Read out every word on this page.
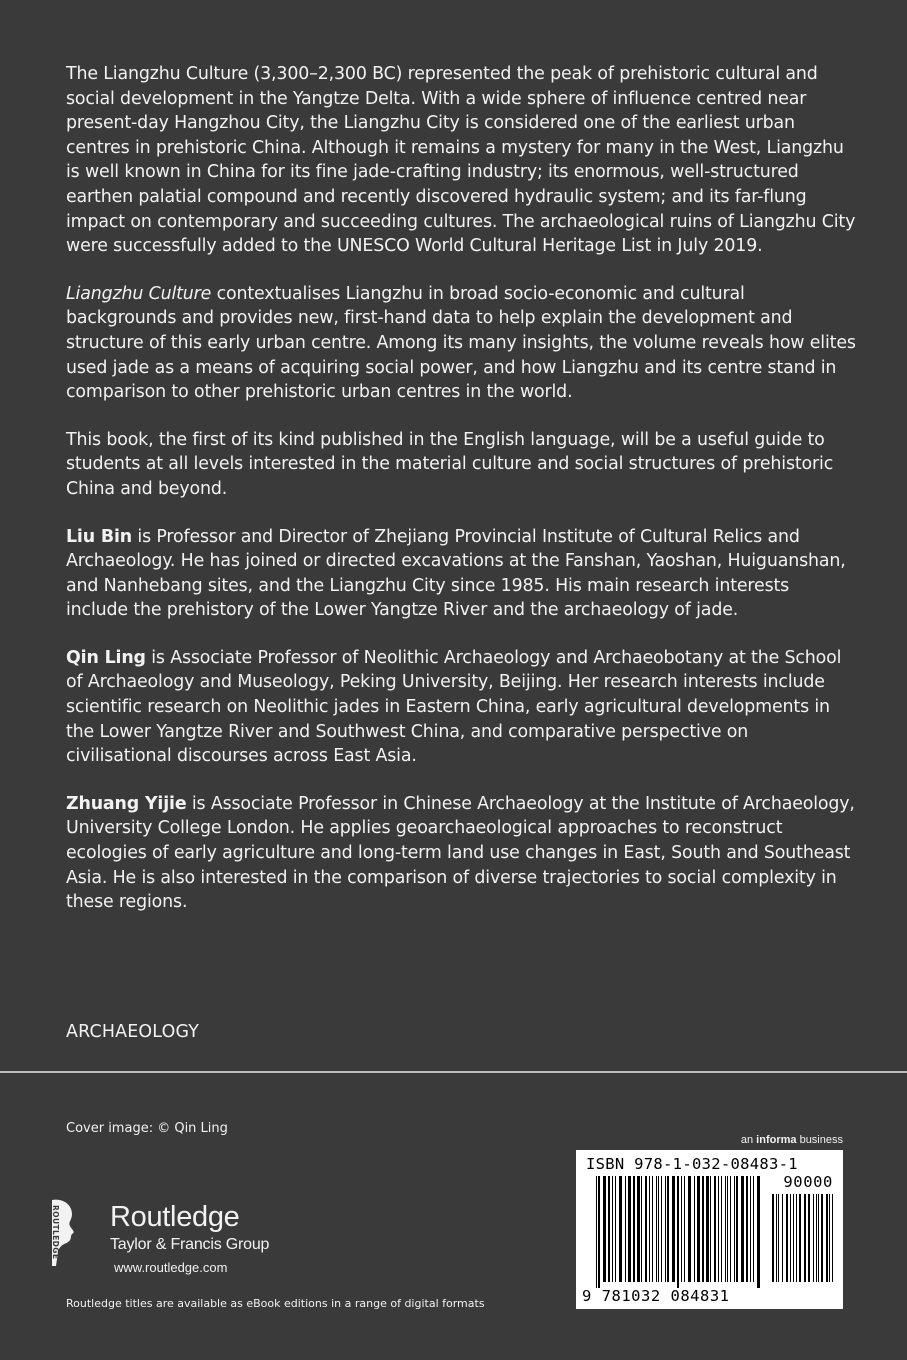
The Liangzhu Culture (3,300–2,300 BC) represented the peak of prehistoric cultural and social development in the Yangtze Delta. With a wide sphere of influence centred near present-day Hangzhou City, the Liangzhu City is considered one of the earliest urban centres in prehistoric China. Although it remains a mystery for many in the West, Liangzhu is well known in China for its fine jade-crafting industry; its enormous, well-structured earthen palatial compound and recently discovered hydraulic system; and its far-flung impact on contemporary and succeeding cultures. The archaeological ruins of Liangzhu City were successfully added to the UNESCO World Cultural Heritage List in July 2019.

Liangzhu Culture contextualises Liangzhu in broad socio-economic and cultural backgrounds and provides new, first-hand data to help explain the development and structure of this early urban centre. Among its many insights, the volume reveals how elites used jade as a means of acquiring social power, and how Liangzhu and its centre stand in comparison to other prehistoric urban centres in the world.

This book, the first of its kind published in the English language, will be a useful guide to students at all levels interested in the material culture and social structures of prehistoric China and beyond.

Liu Bin is Professor and Director of Zhejiang Provincial Institute of Cultural Relics and Archaeology. He has joined or directed excavations at the Fanshan, Yaoshan, Huiguanshan, and Nanhebang sites, and the Liangzhu City since 1985. His main research interests include the prehistory of the Lower Yangtze River and the archaeology of jade.

Qin Ling is Associate Professor of Neolithic Archaeology and Archaeobotany at the School of Archaeology and Museology, Peking University, Beijing. Her research interests include scientific research on Neolithic jades in Eastern China, early agricultural developments in the Lower Yangtze River and Southwest China, and comparative perspective on civilisational discourses across East Asia.

Zhuang Yijie is Associate Professor in Chinese Archaeology at the Institute of Archaeology, University College London. He applies geoarchaeological approaches to reconstruct ecologies of early agriculture and long-term land use changes in East, South and Southeast Asia. He is also interested in the comparison of diverse trajectories to social complexity in these regions.

ARCHAEOLOGY
Cover image: © Qin Ling
ROUTLEDGE Routledge
Taylor & Francis Group
www.routledge.com
Routledge titles are available as eBook editions in a range of digital formats
an informa business
ISBN 978-1-032-08483-1
90000
9 781032 084831
